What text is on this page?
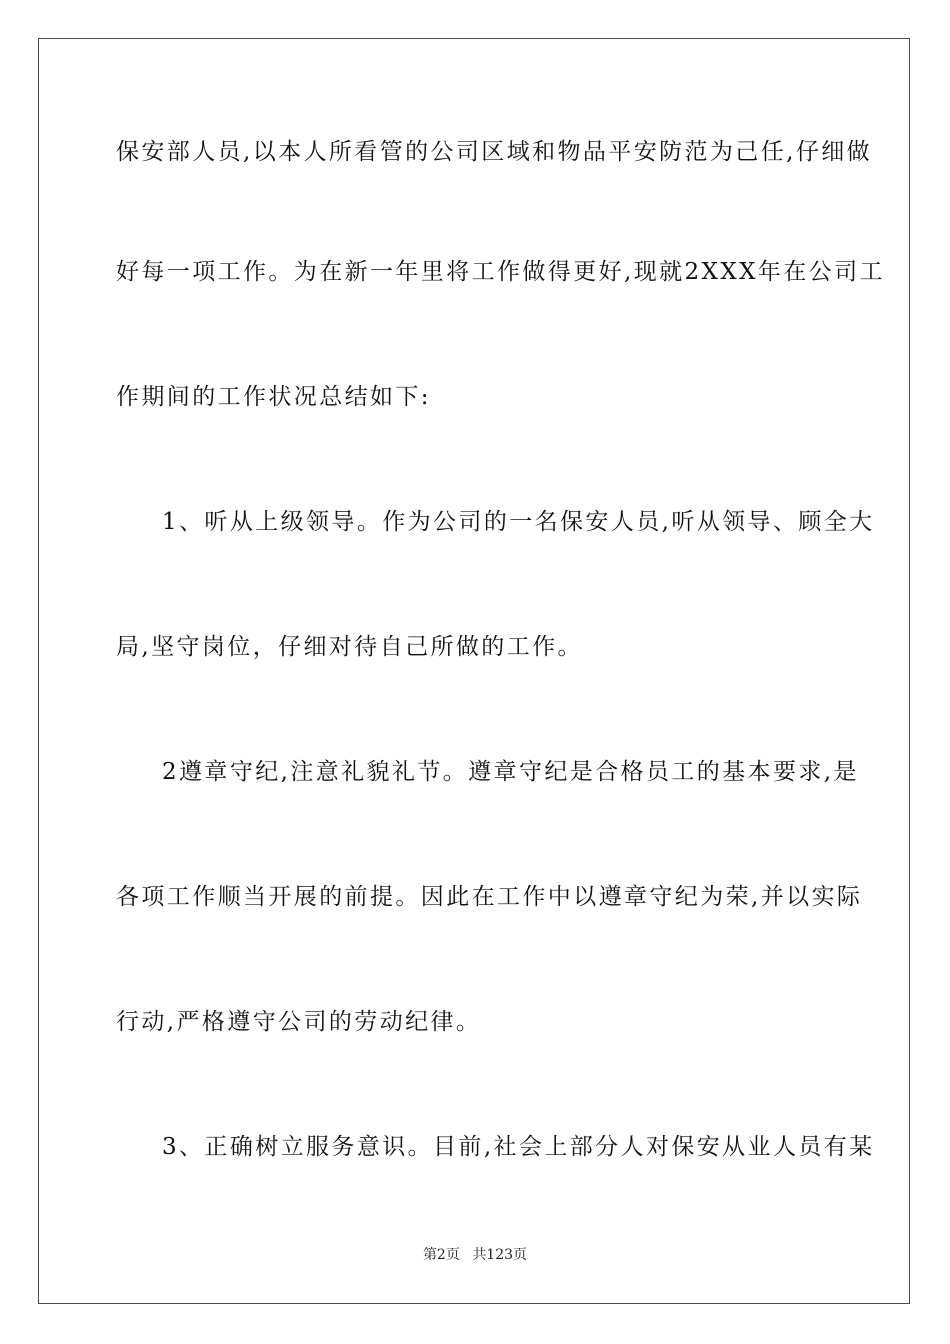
保安部人员,以本人所看管的公司区域和物品平安防范为己任,仔细做
好每一项工作。为在新一年里将工作做得更好,现就2XXX年在公司工
作期间的工作状况总结如下:
1、听从上级领导。作为公司的一名保安人员,听从领导、顾全大
局,坚守岗位，仔细对待自己所做的工作。
2遵章守纪,注意礼貌礼节。遵章守纪是合格员工的基本要求,是
各项工作顺当开展的前提。因此在工作中以遵章守纪为荣,并以实际
行动,严格遵守公司的劳动纪律。
3、正确树立服务意识。目前,社会上部分人对保安从业人员有某
第2页 共123页
